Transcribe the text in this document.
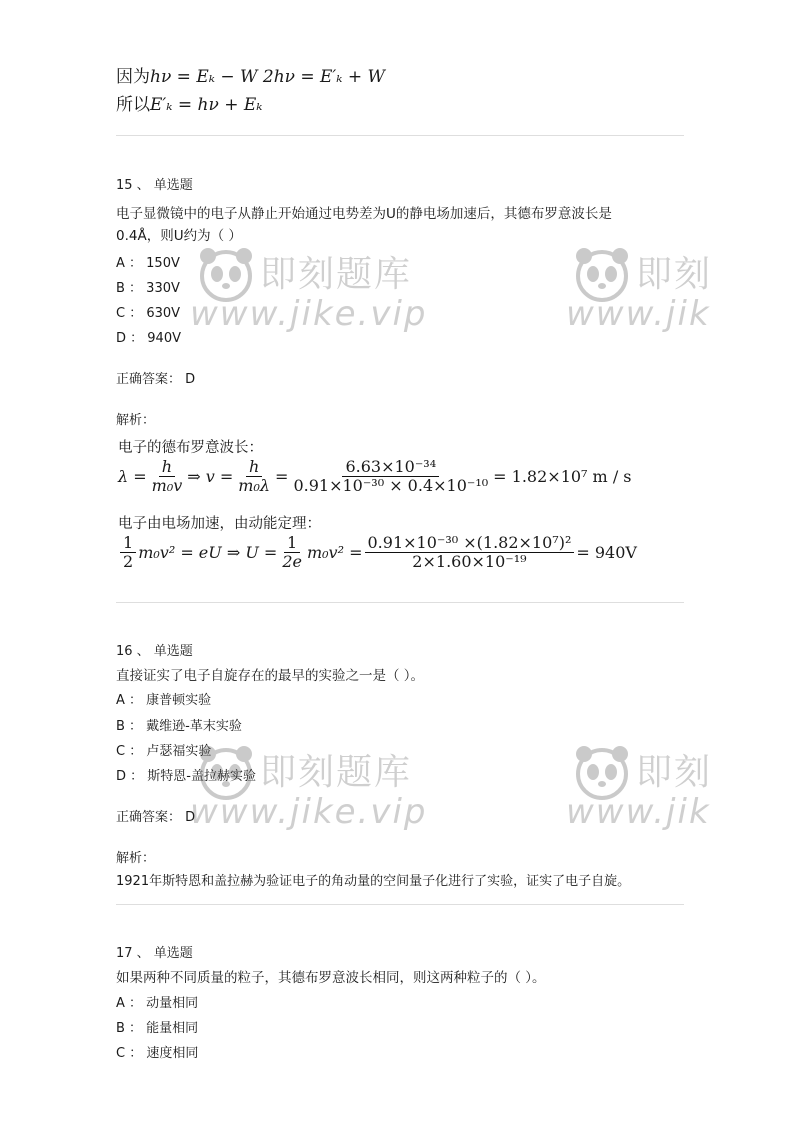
因为hν = Eₖ − W 2hν = E′ₖ + W
所以E′ₖ = hν + Eₖ
15 、 单选题
电子显微镜中的电子从静止开始通过电势差为U的静电场加速后，其德布罗意波长是
0.4Å，则U约为（ ）
A ： 150V
B ： 330V
C ： 630V
D ： 940V
正确答案： D
解析：
电子的德布罗意波长：
$\lambda = \frac{h}{\text{m₀v}}$ ⇒ $v = \frac{h}{\text{m₀λ}} = \frac{\text{6.63×10⁻³⁴}}{\text{0.91×10⁻³⁰ × 0.4×10⁻¹⁰}} = 1.82\times 10^7$ m / s
电子由电场加速，由动能定理：
$\frac{1}{2} m_0v^2$ = eU ⇒ $U = \frac{1}{2e} m_0v^2 = \frac{\text{0.91×10⁻³⁰ ×(1.82×10⁷)²}}{\text{2×1.60×10⁻¹⁹}} = 940V$
16 、 单选题
直接证实了电子自旋存在的最早的实验之一是（ ）。
A ： 康普顿实验
B ： 戴维逊-革末实验
C ： 卢瑟福实验
D ： 斯特恩-盖拉赫实验
正确答案： D
解析：
1921年斯特恩和盖拉赫为验证电子的角动量的空间量子化进行了实验，证实了电子自旋。
17 、 单选题
如果两种不同质量的粒子，其德布罗意波长相同，则这两种粒子的（ ）。
A ： 动量相同
B ： 能量相同
C ： 速度相同
即刻题库
www.jike.vip
即刻
www.jik
即刻题库
www.jike.vip
即刻
www.jik
